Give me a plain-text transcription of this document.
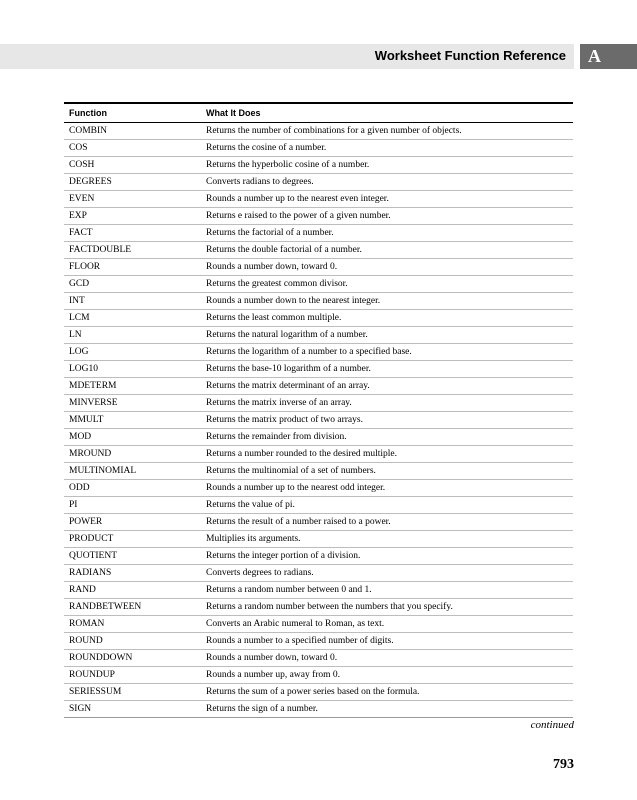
Worksheet Function Reference A
Function	What It Does
COMBIN	Returns the number of combinations for a given number of objects.
COS	Returns the cosine of a number.
COSH	Returns the hyperbolic cosine of a number.
DEGREES	Converts radians to degrees.
EVEN	Rounds a number up to the nearest even integer.
EXP	Returns e raised to the power of a given number.
FACT	Returns the factorial of a number.
FACTDOUBLE	Returns the double factorial of a number.
FLOOR	Rounds a number down, toward 0.
GCD	Returns the greatest common divisor.
INT	Rounds a number down to the nearest integer.
LCM	Returns the least common multiple.
LN	Returns the natural logarithm of a number.
LOG	Returns the logarithm of a number to a specified base.
LOG10	Returns the base-10 logarithm of a number.
MDETERM	Returns the matrix determinant of an array.
MINVERSE	Returns the matrix inverse of an array.
MMULT	Returns the matrix product of two arrays.
MOD	Returns the remainder from division.
MROUND	Returns a number rounded to the desired multiple.
MULTINOMIAL	Returns the multinomial of a set of numbers.
ODD	Rounds a number up to the nearest odd integer.
PI	Returns the value of pi.
POWER	Returns the result of a number raised to a power.
PRODUCT	Multiplies its arguments.
QUOTIENT	Returns the integer portion of a division.
RADIANS	Converts degrees to radians.
RAND	Returns a random number between 0 and 1.
RANDBETWEEN	Returns a random number between the numbers that you specify.
ROMAN	Converts an Arabic numeral to Roman, as text.
ROUND	Rounds a number to a specified number of digits.
ROUNDDOWN	Rounds a number down, toward 0.
ROUNDUP	Rounds a number up, away from 0.
SERIESSUM	Returns the sum of a power series based on the formula.
SIGN	Returns the sign of a number.
continued
793
